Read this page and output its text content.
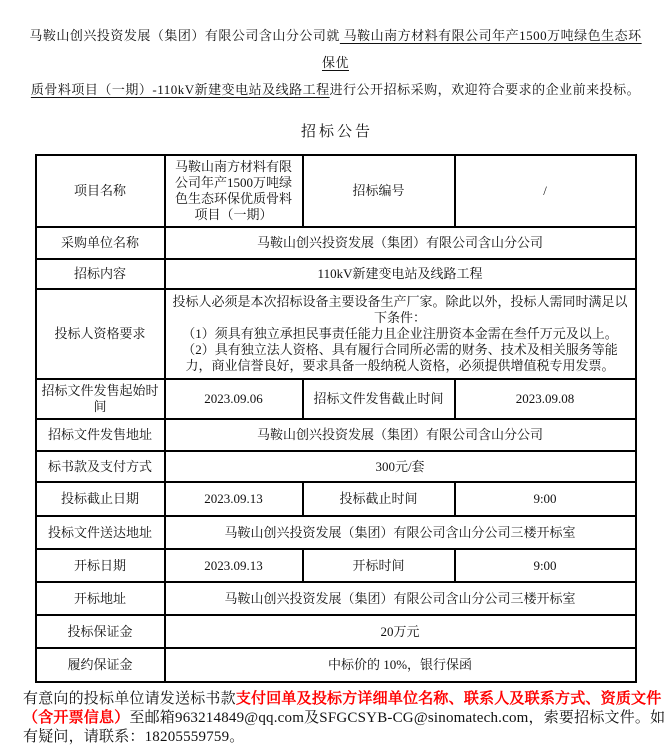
马鞍山创兴投资发展（集团）有限公司含山分公司就 马鞍山南方材料有限公司年产1500万吨绿色生态环保优
质骨料项目（一期）-110kV新建变电站及线路工程进行公开招标采购，欢迎符合要求的企业前来投标。
招标公告
项目名称	马鞍山南方材料有限公司年产1500万吨绿色生态环保优质骨料项目（一期）	招标编号	/
采购单位名称	马鞍山创兴投资发展（集团）有限公司含山分公司		
招标内容	110kV新建变电站及线路工程		
投标人资格要求	投标人必须是本次招标设备主要设备生产厂家。除此以外，投标人需同时满足以下条件：
（1）须具有独立承担民事责任能力且企业注册资本金需在叁仟万元及以上。
（2）具有独立法人资格、具有履行合同所必需的财务、技术及相关服务等能力，商业信誉良好，要求具备一般纳税人资格，必须提供增值税专用发票。		

招标文件发售起始时间	2023.09.06	招标文件发售截止时间	2023.09.08
招标文件发售地址	马鞍山创兴投资发展（集团）有限公司含山分公司		
标书款及支付方式	300元/套		
投标截止日期	2023.09.13	投标截止时间	9:00
投标文件送达地址	马鞍山创兴投资发展（集团）有限公司含山分公司三楼开标室		
开标日期	2023.09.13	开标时间	9:00
开标地址	马鞍山创兴投资发展（集团）有限公司含山分公司三楼开标室		
投标保证金	20万元		
履约保证金	中标价的 10%，银行保函		
有意向的投标单位请发送标书款支付回单及投标方详细单位名称、联系人及联系方式、资质文件
（含开票信息）至邮箱963214849@qq.com及SFGCSYB-CG@sinomatech.com，索要招标文件。如
有疑问，请联系：18205559759。
